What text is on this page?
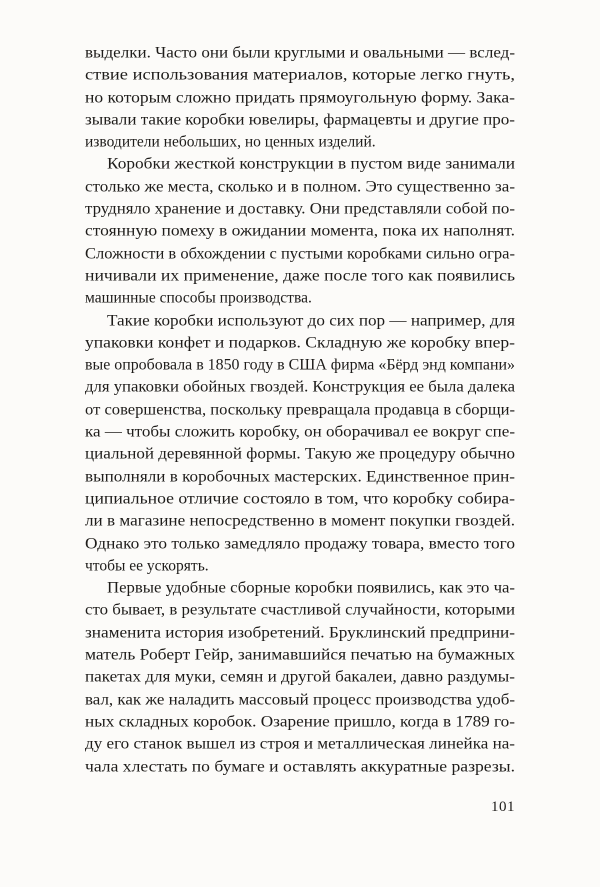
выделки. Часто они были круглыми и овальными — вслед-
ствие использования материалов, которые легко гнуть,
но которым сложно придать прямоугольную форму. Зака-
зывали такие коробки ювелиры, фармацевты и другие про-
изводители небольших, но ценных изделий.
Коробки жесткой конструкции в пустом виде занимали
столько же места, сколько и в полном. Это существенно за-
трудняло хранение и доставку. Они представляли собой по-
стоянную помеху в ожидании момента, пока их наполнят.
Сложности в обхождении с пустыми коробками сильно огра-
ничивали их применение, даже после того как появились
машинные способы производства.
Такие коробки используют до сих пор — например, для
упаковки конфет и подарков. Складную же коробку впер-
вые опробовала в 1850 году в США фирма «Бёрд энд компани»
для упаковки обойных гвоздей. Конструкция ее была далека
от совершенства, поскольку превращала продавца в сборщи-
ка — чтобы сложить коробку, он оборачивал ее вокруг спе-
циальной деревянной формы. Такую же процедуру обычно
выполняли в коробочных мастерских. Единственное прин-
ципиальное отличие состояло в том, что коробку собира-
ли в магазине непосредственно в момент покупки гвоздей.
Однако это только замедляло продажу товара, вместо того
чтобы ее ускорять.
Первые удобные сборные коробки появились, как это ча-
сто бывает, в результате счастливой случайности, которыми
знаменита история изобретений. Бруклинский предприни-
матель Роберт Гейр, занимавшийся печатью на бумажных
пакетах для муки, семян и другой бакалеи, давно раздумы-
вал, как же наладить массовый процесс производства удоб-
ных складных коробок. Озарение пришло, когда в 1789 го-
ду его станок вышел из строя и металлическая линейка на-
чала хлестать по бумаге и оставлять аккуратные разрезы.
101
